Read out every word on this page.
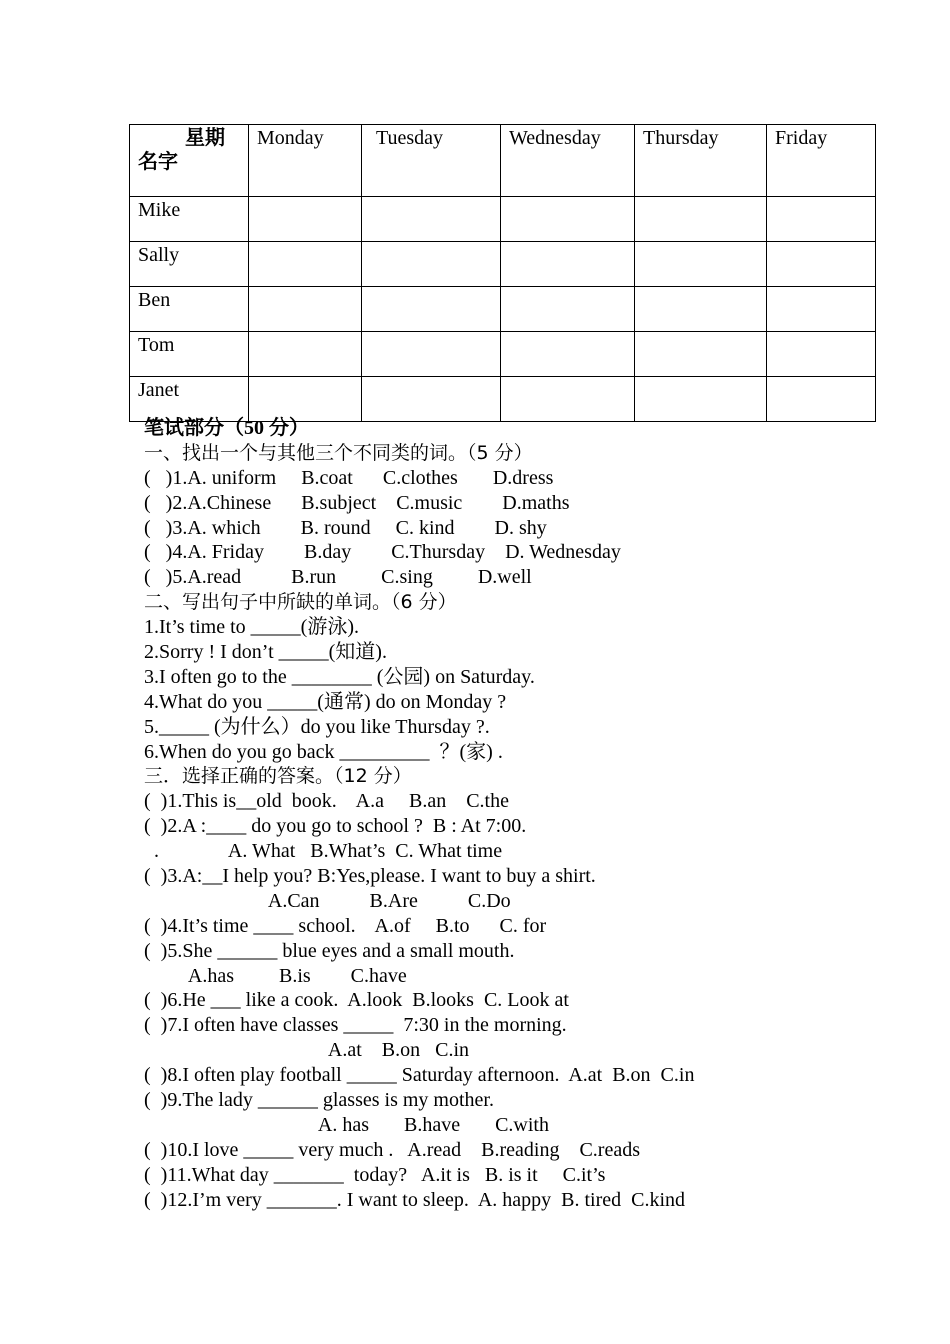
星期
名字	Monday	Tuesday	Wednesday	Thursday	Friday
Mike					
Sally					
Ben					
Tom					
Janet					
笔试部分（50 分）
一、找出一个与其他三个不同类的词。（5 分）
(   )1.A. uniform     B.coat      C.clothes       D.dress
(   )2.A.Chinese      B.subject    C.music        D.maths
(   )3.A. which        B. round     C. kind        D. shy
(   )4.A. Friday        B.day        C.Thursday    D. Wednesday
(   )5.A.read          B.run         C.sing         D.well
二、写出句子中所缺的单词。（6 分）
1.It’s time to _____(游泳).
2.Sorry ! I don’t _____(知道).
3.I often go to the ________ (公园) on Saturday.
4.What do you _____(通常) do on Monday ?
5._____ (为什么）do you like Thursday ?.
6.When do you go back _________  ？(家) .
三．选择正确的答案。（12 分）
(  )1.This is__old  book.    A.a     B.an    C.the
(  )2.A :____ do you go to school ?  B : At 7:00.
.              A. What   B.What’s  C. What time
(  )3.A:__I help you? B:Yes,please. I want to buy a shirt.
A.Can          B.Are          C.Do
(  )4.It’s time ____ school.    A.of     B.to      C. for
(  )5.She ______ blue eyes and a small mouth.
A.has         B.is        C.have
(  )6.He ___ like a cook.  A.look  B.looks  C. Look at
(  )7.I often have classes _____  7:30 in the morning.
A.at    B.on   C.in
(  )8.I often play football _____ Saturday afternoon.  A.at  B.on  C.in
(  )9.The lady ______ glasses is my mother.
A. has       B.have       C.with
(  )10.I love _____ very much .   A.read    B.reading    C.reads
(  )11.What day _______  today?   A.it is   B. is it     C.it’s
(  )12.I’m very _______. I want to sleep.  A. happy  B. tired  C.kind
